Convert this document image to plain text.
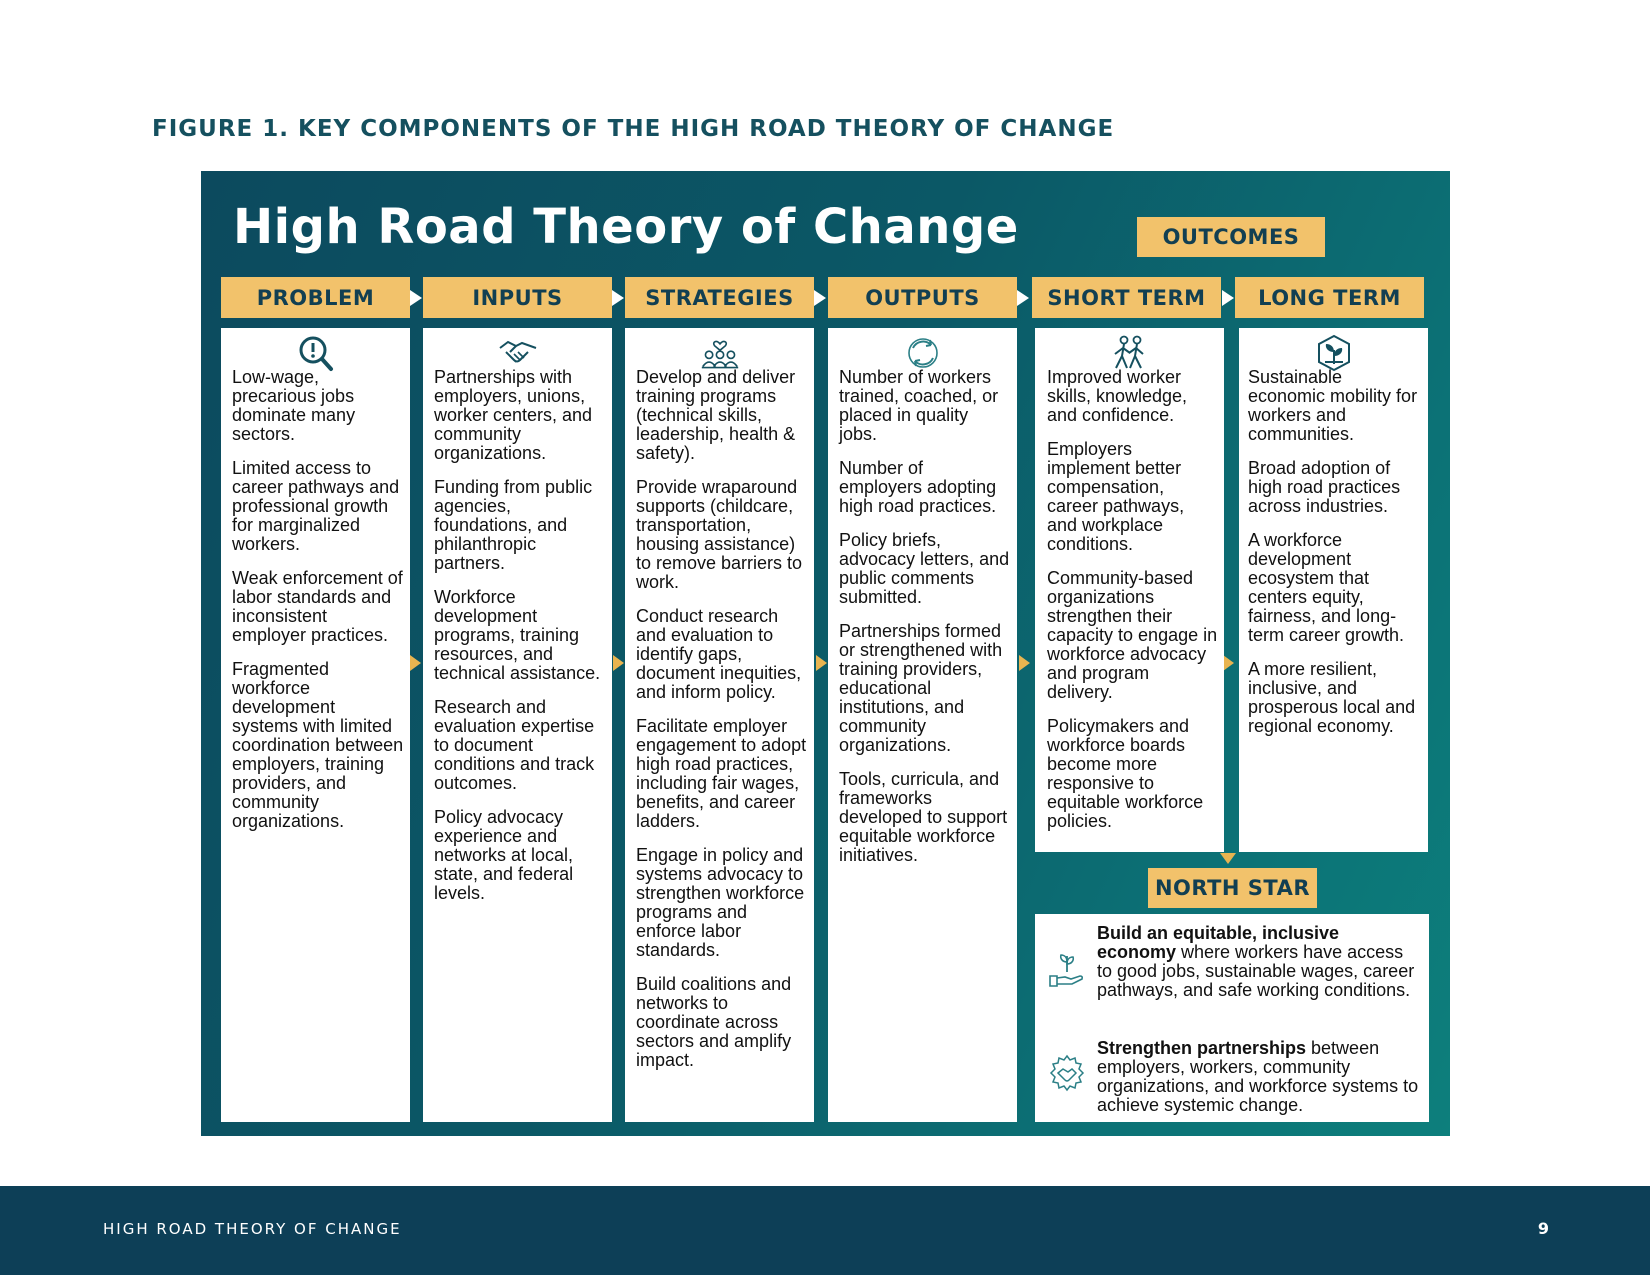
FIGURE 1. KEY COMPONENTS OF THE HIGH ROAD THEORY OF CHANGE
High Road Theory of Change	OUTCOMES
PROBLEM	INPUTS	STRATEGIES	OUTPUTS	SHORT TERM	LONG TERM

Low-wage, precarious jobs dominate many sectors.

Limited access to career pathways and professional growth for marginalized workers.

Weak enforcement of labor standards and inconsistent employer practices.

Fragmented workforce development systems with limited coordination between employers, training providers, and community organizations.

Partnerships with employers, unions, worker centers, and community organizations.

Funding from public agencies, foundations, and philanthropic partners.

Workforce development programs, training resources, and technical assistance.

Research and evaluation expertise to document conditions and track outcomes.

Policy advocacy experience and networks at local, state, and federal levels.

Develop and deliver training programs (technical skills, leadership, health & safety).

Provide wraparound supports (childcare, transportation, housing assistance) to remove barriers to work.

Conduct research and evaluation to identify gaps, document inequities, and inform policy.

Facilitate employer engagement to adopt high road practices, including fair wages, benefits, and career ladders.

Engage in policy and systems advocacy to strengthen workforce programs and enforce labor standards.

Build coalitions and networks to coordinate across sectors and amplify impact.

Number of workers trained, coached, or placed in quality jobs.

Number of employers adopting high road practices.

Policy briefs, advocacy letters, and public comments submitted.

Partnerships formed or strengthened with training providers, educational institutions, and community organizations.

Tools, curricula, and frameworks developed to support equitable workforce initiatives.

Improved worker skills, knowledge, and confidence.

Employers implement better compensation, career pathways, and workplace conditions.

Community-based organizations strengthen their capacity to engage in workforce advocacy and program delivery.

Policymakers and workforce boards become more responsive to equitable workforce policies.

Sustainable economic mobility for workers and communities.

Broad adoption of high road practices across industries.

A workforce development ecosystem that centers equity, fairness, and long-term career growth.

A more resilient, inclusive, and prosperous local and regional economy.

NORTH STAR
Build an equitable, inclusive economy where workers have access to good jobs, sustainable wages, career pathways, and safe working conditions.
Strengthen partnerships between employers, workers, community organizations, and workforce systems to achieve systemic change.
HIGH ROAD THEORY OF CHANGE	9
